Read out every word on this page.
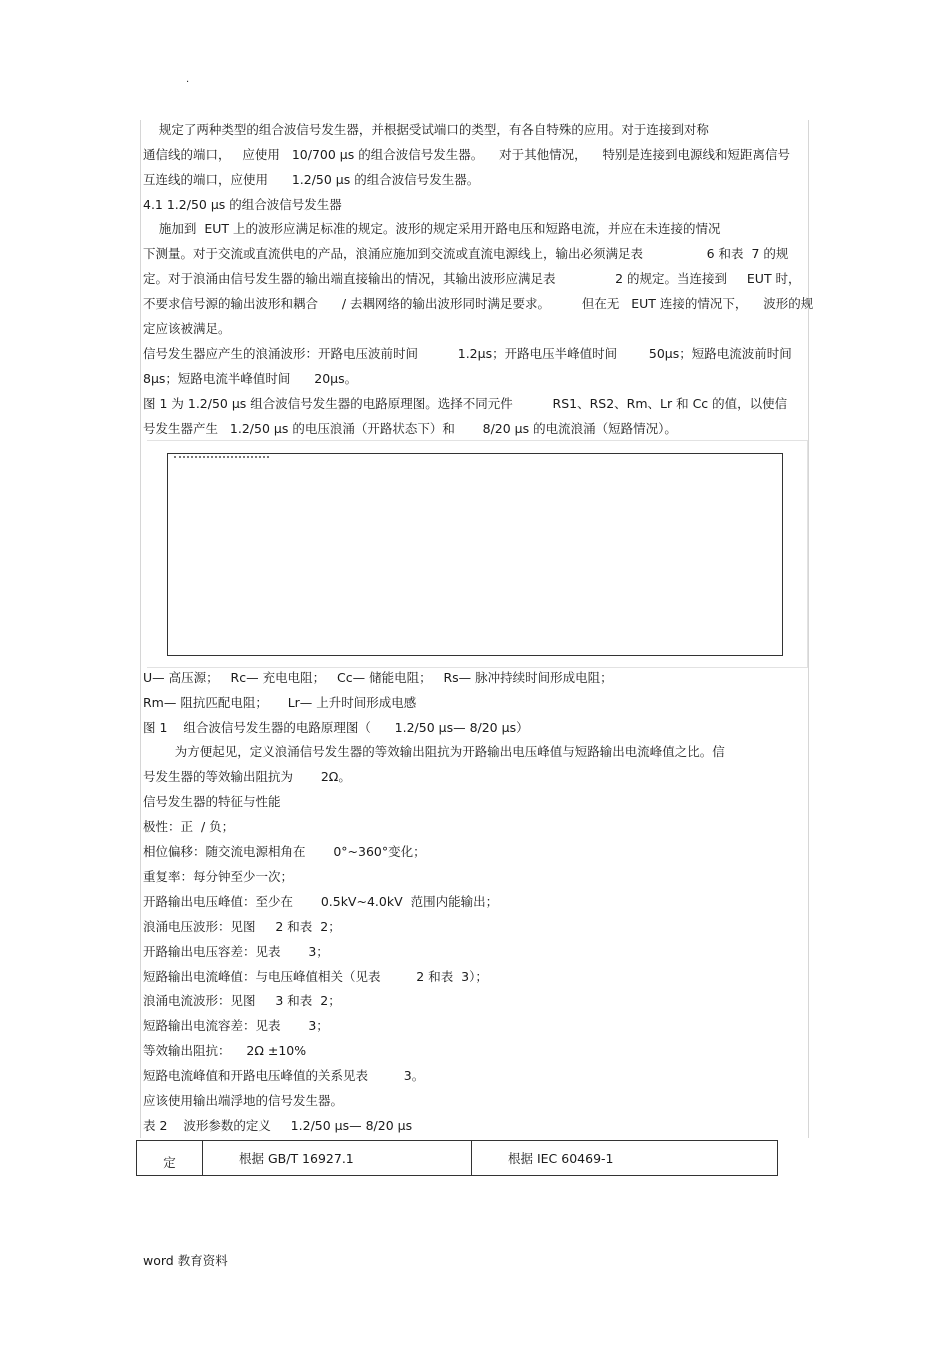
.
规定了两种类型的组合波信号发生器，并根据受试端口的类型，有各自特殊的应用。对于连接到对称
通信线的端口，   应使用   10/700 μs 的组合波信号发生器。    对于其他情况，    特别是连接到电源线和短距离信号
互连线的端口，应使用      1.2/50 μs 的组合波信号发生器。
4.1 1.2/50 μs 的组合波信号发生器
施加到  EUT 上的波形应满足标准的规定。波形的规定采用开路电压和短路电流，并应在未连接的情况
下测量。对于交流或直流供电的产品，浪涌应施加到交流或直流电源线上，输出必须满足表                6 和表  7 的规
定。对于浪涌由信号发生器的输出端直接输出的情况，其输出波形应满足表               2 的规定。当连接到     EUT 时，
不要求信号源的输出波形和耦合      / 去耦网络的输出波形同时满足要求。        但在无   EUT 连接的情况下，    波形的规
定应该被满足。
信号发生器应产生的浪涌波形：开路电压波前时间          1.2μs；开路电压半峰值时间        50μs；短路电流波前时间
8μs；短路电流半峰值时间      20μs。
图 1 为 1.2/50 μs 组合波信号发生器的电路原理图。选择不同元件          RS1、RS2、Rm、Lr 和 Cc 的值，以使信
号发生器产生   1.2/50 μs 的电压浪涌（开路状态下）和       8/20 μs 的电流浪涌（短路情况）。
U— 高压源；   Rc— 充电电阻；   Cc— 储能电阻；   Rs— 脉冲持续时间形成电阻；
Rm— 阻抗匹配电阻；     Lr— 上升时间形成电感
图 1    组合波信号发生器的电路原理图（      1.2/50 μs— 8/20 μs）
为方便起见，定义浪涌信号发生器的等效输出阻抗为开路输出电压峰值与短路输出电流峰值之比。信
号发生器的等效输出阻抗为       2Ω。
信号发生器的特征与性能
极性：正  / 负；
相位偏移：随交流电源相角在       0°~360°变化；
重复率：每分钟至少一次；
开路输出电压峰值：至少在       0.5kV~4.0kV  范围内能输出；
浪涌电压波形：见图     2 和表  2；
开路输出电压容差：见表       3；
短路输出电流峰值：与电压峰值相关（见表         2 和表  3）；
浪涌电流波形：见图     3 和表  2；
短路输出电流容差：见表       3；
等效输出阻抗：    2Ω ±10%
短路电流峰值和开路电压峰值的关系见表         3。
应该使用输出端浮地的信号发生器。
表 2    波形参数的定义     1.2/50 μs— 8/20 μs
定	根据 GB/T 16927.1	根据 IEC 60469-1
word 教育资料
